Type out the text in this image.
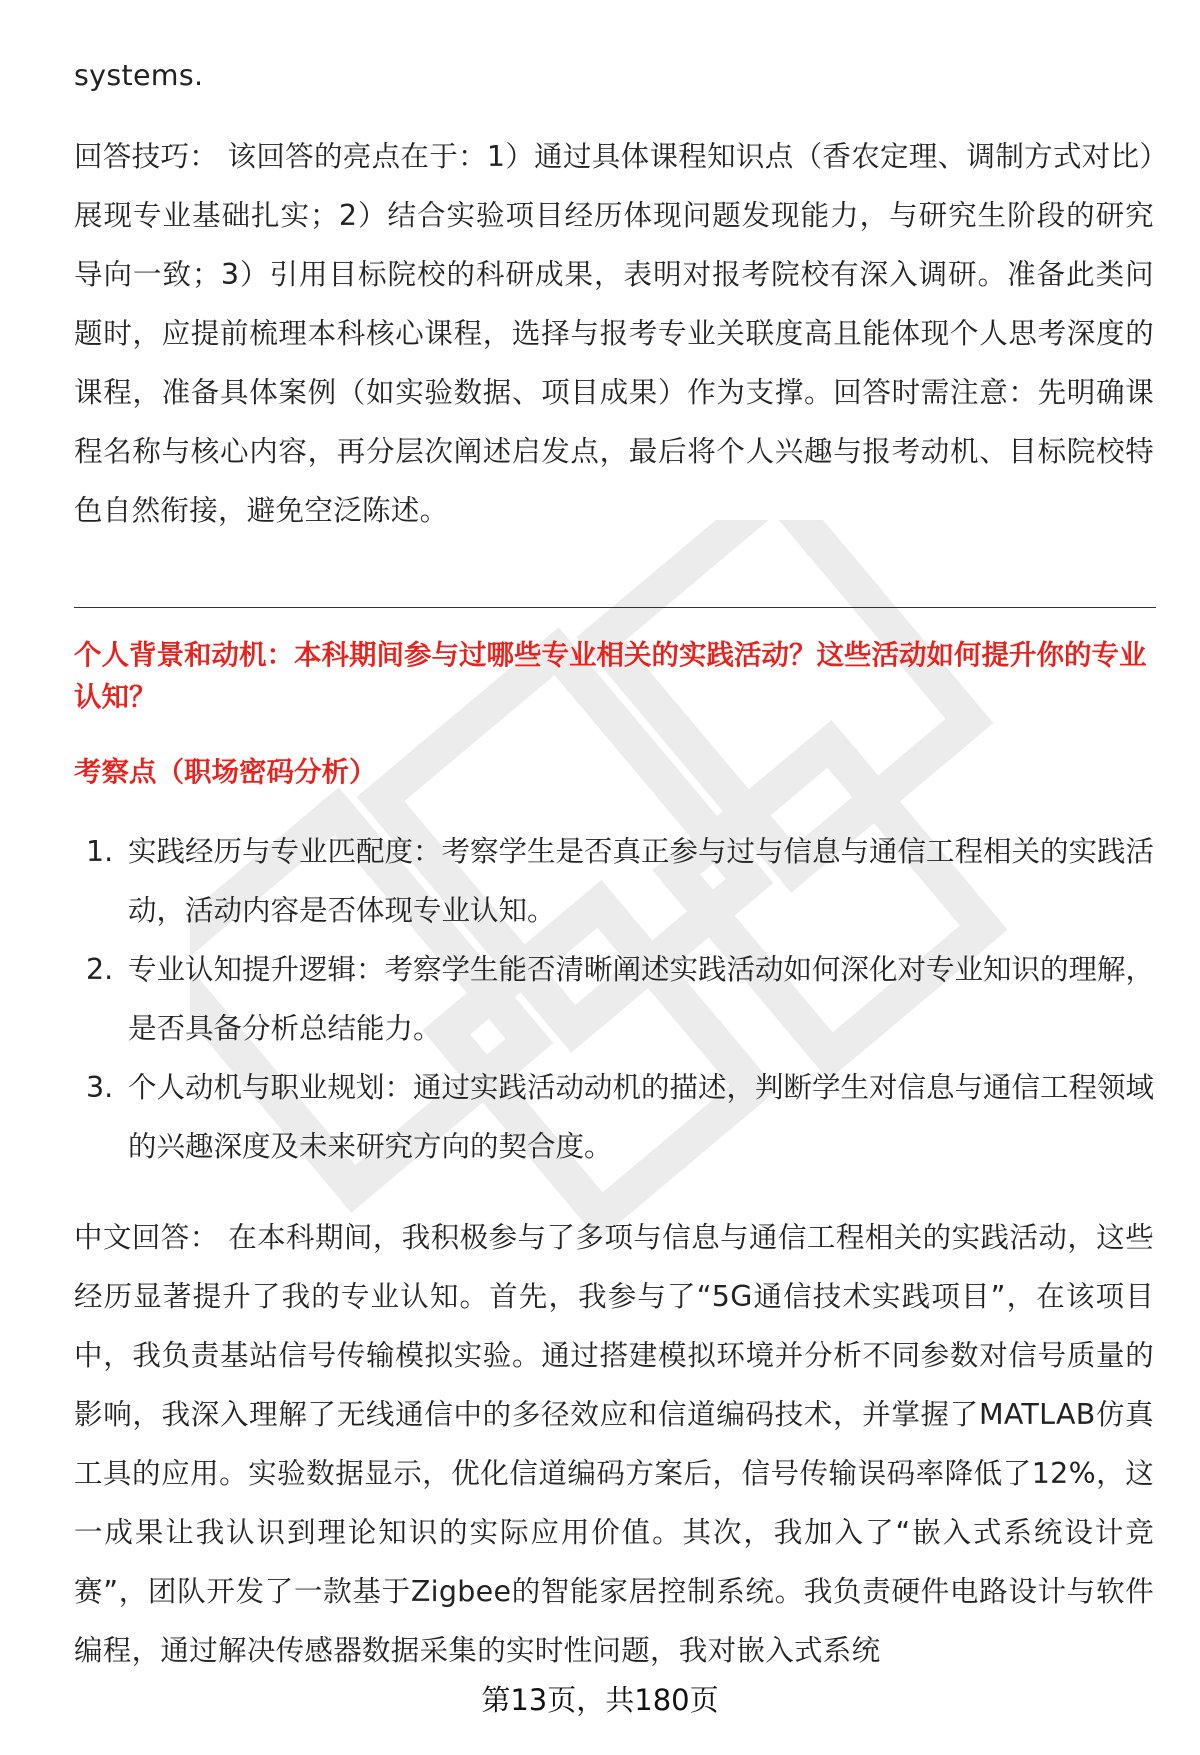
systems.

回答技巧： 该回答的亮点在于：1）通过具体课程知识点（香农定理、调制方式对比）展现专业基础扎实；2）结合实验项目经历体现问题发现能力，与研究生阶段的研究导向一致；3）引用目标院校的科研成果，表明对报考院校有深入调研。准备此类问题时，应提前梳理本科核心课程，选择与报考专业关联度高且能体现个人思考深度的课程，准备具体案例（如实验数据、项目成果）作为支撑。回答时需注意：先明确课程名称与核心内容，再分层次阐述启发点，最后将个人兴趣与报考动机、目标院校特色自然衔接，避免空泛陈述。

个人背景和动机：本科期间参与过哪些专业相关的实践活动？这些活动如何提升你的专业认知？

考察点（职场密码分析）

1. 实践经历与专业匹配度：考察学生是否真正参与过与信息与通信工程相关的实践活动，活动内容是否体现专业认知。
2. 专业认知提升逻辑：考察学生能否清晰阐述实践活动如何深化对专业知识的理解，是否具备分析总结能力。
3. 个人动机与职业规划：通过实践活动动机的描述，判断学生对信息与通信工程领域的兴趣深度及未来研究方向的契合度。

中文回答： 在本科期间，我积极参与了多项与信息与通信工程相关的实践活动，这些经历显著提升了我的专业认知。首先，我参与了“5G通信技术实践项目”，在该项目中，我负责基站信号传输模拟实验。通过搭建模拟环境并分析不同参数对信号质量的影响，我深入理解了无线通信中的多径效应和信道编码技术，并掌握了MATLAB仿真工具的应用。实验数据显示，优化信道编码方案后，信号传输误码率降低了12%，这一成果让我认识到理论知识的实际应用价值。其次，我加入了“嵌入式系统设计竞赛”，团队开发了一款基于Zigbee的智能家居控制系统。我负责硬件电路设计与软件编程，通过解决传感器数据采集的实时性问题，我对嵌入式系统

第13页，共180页
